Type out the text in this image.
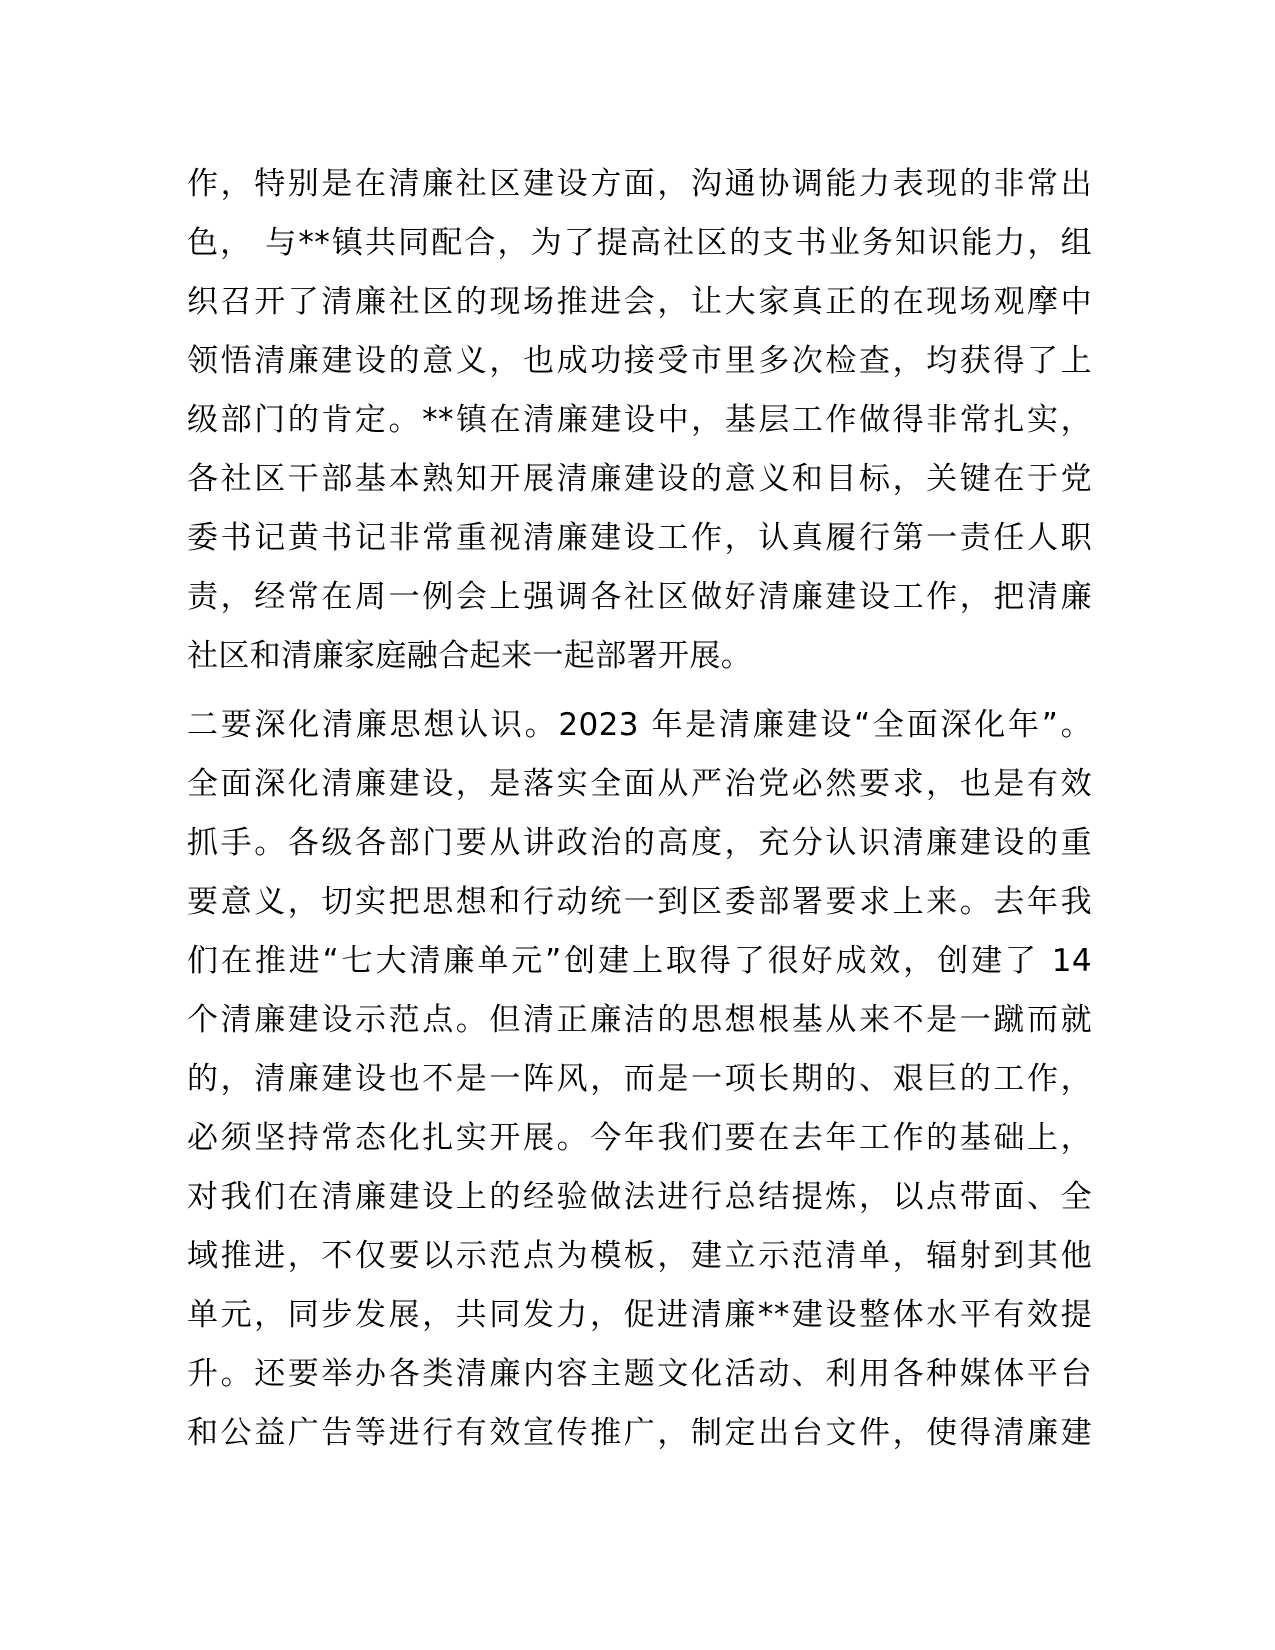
作，特别是在清廉社区建设方面，沟通协调能力表现的非常出
色， 与**镇共同配合，为了提高社区的支书业务知识能力，组
织召开了清廉社区的现场推进会，让大家真正的在现场观摩中
领悟清廉建设的意义，也成功接受市里多次检查，均获得了上
级部门的肯定。**镇在清廉建设中，基层工作做得非常扎实，
各社区干部基本熟知开展清廉建设的意义和目标，关键在于党
委书记黄书记非常重视清廉建设工作，认真履行第一责任人职
责，经常在周一例会上强调各社区做好清廉建设工作，把清廉
社区和清廉家庭融合起来一起部署开展。
二要深化清廉思想认识。2023 年是清廉建设“全面深化年”。
全面深化清廉建设，是落实全面从严治党必然要求，也是有效
抓手。各级各部门要从讲政治的高度，充分认识清廉建设的重
要意义，切实把思想和行动统一到区委部署要求上来。去年我
们在推进“七大清廉单元”创建上取得了很好成效，创建了 14
个清廉建设示范点。但清正廉洁的思想根基从来不是一蹴而就
的，清廉建设也不是一阵风，而是一项长期的、艰巨的工作，
必须坚持常态化扎实开展。今年我们要在去年工作的基础上，
对我们在清廉建设上的经验做法进行总结提炼，以点带面、全
域推进，不仅要以示范点为模板，建立示范清单，辐射到其他
单元，同步发展，共同发力，促进清廉**建设整体水平有效提
升。还要举办各类清廉内容主题文化活动、利用各种媒体平台
和公益广告等进行有效宣传推广，制定出台文件，使得清廉建
